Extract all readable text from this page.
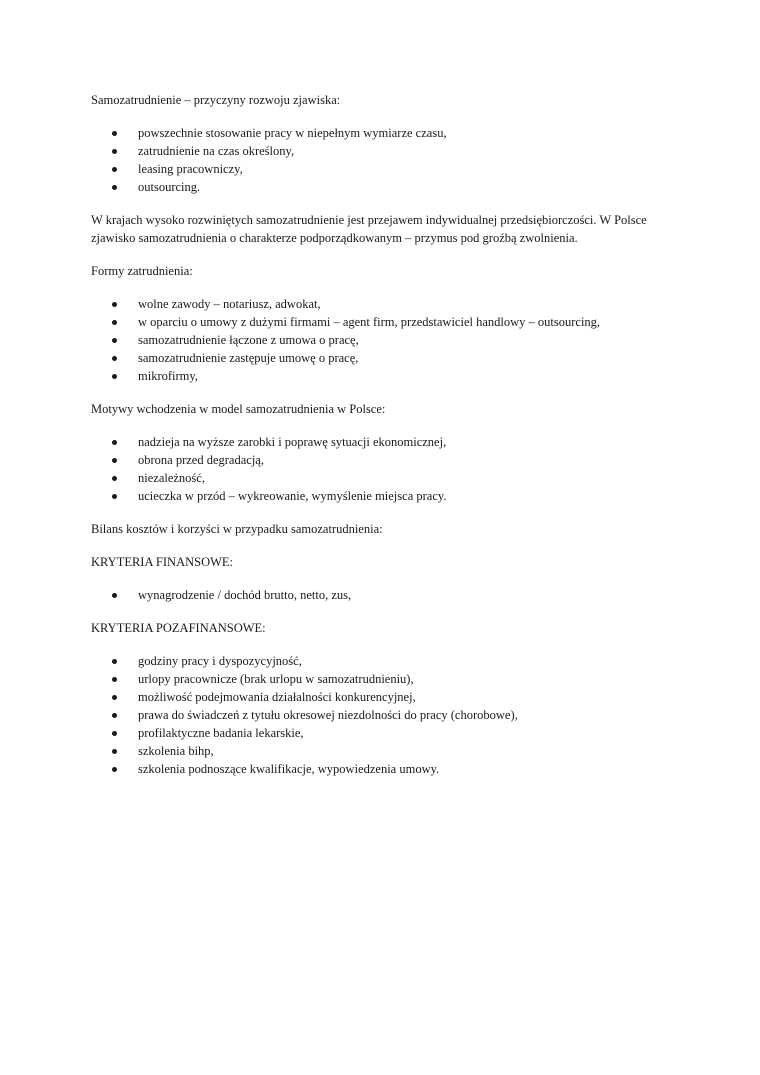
Samozatrudnienie – przyczyny rozwoju zjawiska:

powszechnie stosowanie pracy w niepełnym wymiarze czasu,
zatrudnienie na czas określony,
leasing pracowniczy,
outsourcing.

W krajach wysoko rozwiniętych samozatrudnienie jest przejawem indywidualnej przedsiębiorczości. W Polsce zjawisko samozatrudnienia o charakterze podporządkowanym – przymus pod groźbą zwolnienia.

Formy zatrudnienia:

wolne zawody – notariusz, adwokat,
w oparciu o umowy z dużymi firmami – agent firm, przedstawiciel handlowy – outsourcing,
samozatrudnienie łączone z umowa o pracę,
samozatrudnienie zastępuje umowę o pracę,
mikrofirmy,

Motywy wchodzenia w model samozatrudnienia w Polsce:

nadzieja na wyższe zarobki i poprawę sytuacji ekonomicznej,
obrona przed degradacją,
niezależność,
ucieczka w przód – wykreowanie, wymyślenie miejsca pracy.

Bilans kosztów i korzyści w przypadku samozatrudnienia:

KRYTERIA FINANSOWE:

wynagrodzenie / dochód brutto, netto, zus,

KRYTERIA POZAFINANSOWE:

godziny pracy i dyspozycyjność,
urlopy pracownicze (brak urlopu w samozatrudnieniu),
możliwość podejmowania działalności konkurencyjnej,
prawa do świadczeń z tytułu okresowej niezdolności do pracy (chorobowe),
profilaktyczne badania lekarskie,
szkolenia bihp,
szkolenia podnoszące kwalifikacje, wypowiedzenia umowy.
